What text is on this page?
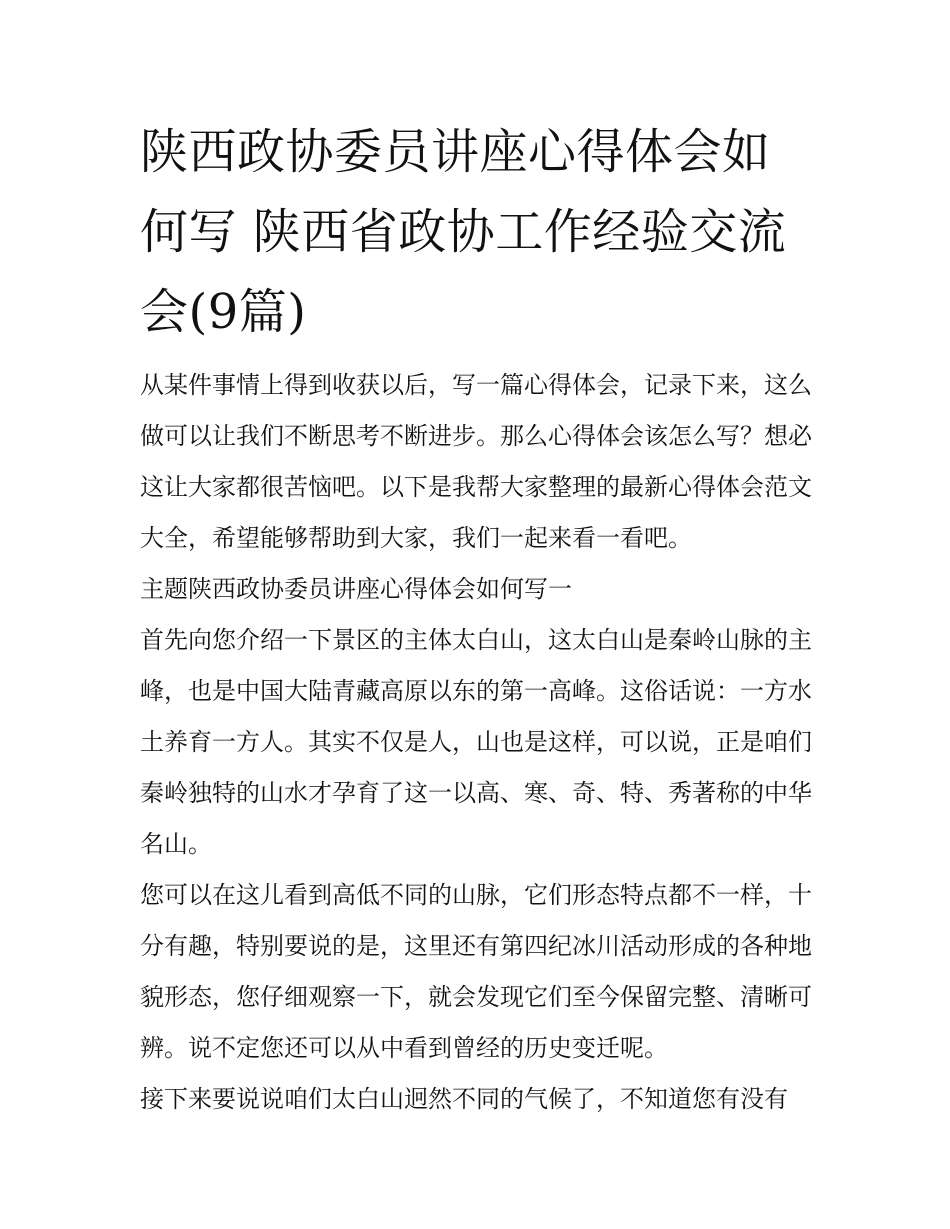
陕西政协委员讲座心得体会如何写 陕西省政协工作经验交流会(9篇)

从某件事情上得到收获以后，写一篇心得体会，记录下来，这么做可以让我们不断思考不断进步。那么心得体会该怎么写？想必这让大家都很苦恼吧。以下是我帮大家整理的最新心得体会范文大全，希望能够帮助到大家，我们一起来看一看吧。

主题陕西政协委员讲座心得体会如何写一

首先向您介绍一下景区的主体太白山，这太白山是秦岭山脉的主峰，也是中国大陆青藏高原以东的第一高峰。这俗话说：一方水土养育一方人。其实不仅是人，山也是这样，可以说，正是咱们秦岭独特的山水才孕育了这一以高、寒、奇、特、秀著称的中华名山。

您可以在这儿看到高低不同的山脉，它们形态特点都不一样，十分有趣，特别要说的是，这里还有第四纪冰川活动形成的各种地貌形态，您仔细观察一下，就会发现它们至今保留完整、清晰可辨。说不定您还可以从中看到曾经的历史变迁呢。

接下来要说说咱们太白山迥然不同的气候了，不知道您有没有
